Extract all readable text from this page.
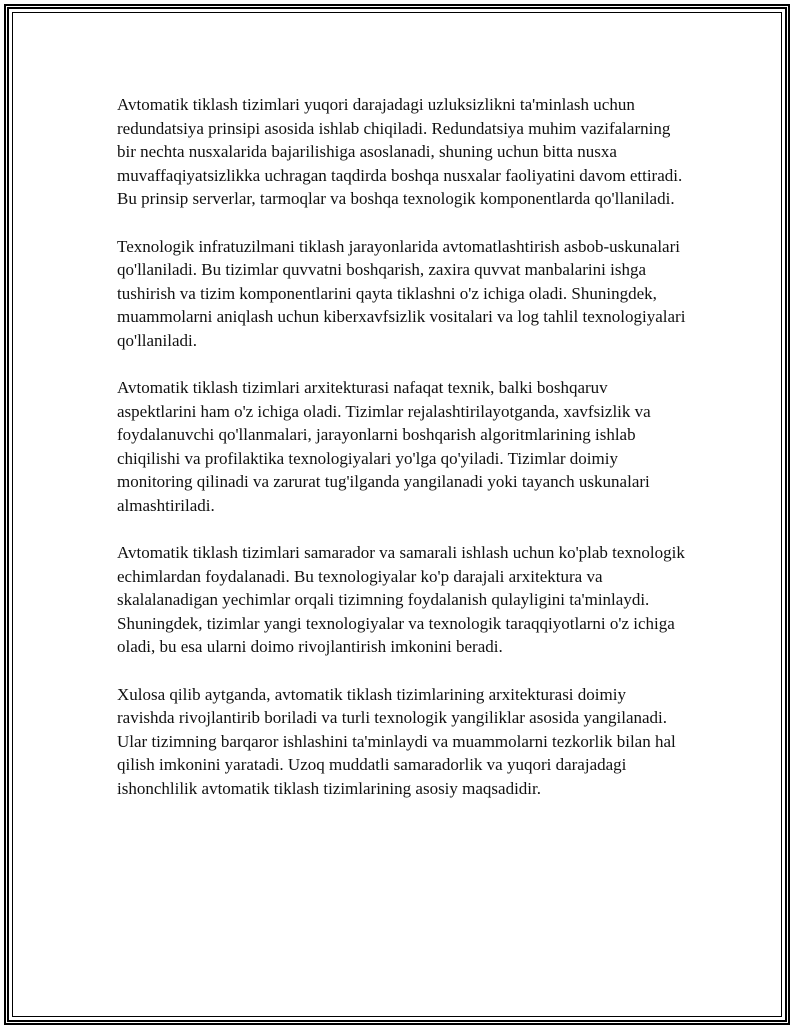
Avtomatik tiklash tizimlari yuqori darajadagi uzluksizlikni ta'minlash uchun redundatsiya prinsipi asosida ishlab chiqiladi. Redundatsiya muhim vazifalarning bir nechta nusxalarida bajarilishiga asoslanadi, shuning uchun bitta nusxa muvaffaqiyatsizlikka uchragan taqdirda boshqa nusxalar faoliyatini davom ettiradi. Bu prinsip serverlar, tarmoqlar va boshqa texnologik komponentlarda qo'llaniladi.

Texnologik infratuzilmani tiklash jarayonlarida avtomatlashtirish asbob-uskunalari qo'llaniladi. Bu tizimlar quvvatni boshqarish, zaxira quvvat manbalarini ishga tushirish va tizim komponentlarini qayta tiklashni o'z ichiga oladi. Shuningdek, muammolarni aniqlash uchun kiberxavfsizlik vositalari va log tahlil texnologiyalari qo'llaniladi.

Avtomatik tiklash tizimlari arxitekturasi nafaqat texnik, balki boshqaruv aspektlarini ham o'z ichiga oladi. Tizimlar rejalashtirilayotganda, xavfsizlik va foydalanuvchi qo'llanmalari, jarayonlarni boshqarish algoritmlarining ishlab chiqilishi va profilaktika texnologiyalari yo'lga qo'yiladi. Tizimlar doimiy monitoring qilinadi va zarurat tug'ilganda yangilanadi yoki tayanch uskunalari almashtiriladi.

Avtomatik tiklash tizimlari samarador va samarali ishlash uchun ko'plab texnologik echimlardan foydalanadi. Bu texnologiyalar ko'p darajali arxitektura va skalalanadigan yechimlar orqali tizimning foydalanish qulayligini ta'minlaydi. Shuningdek, tizimlar yangi texnologiyalar va texnologik taraqqiyotlarni o'z ichiga oladi, bu esa ularni doimo rivojlantirish imkonini beradi.

Xulosa qilib aytganda, avtomatik tiklash tizimlarining arxitekturasi doimiy ravishda rivojlantirib boriladi va turli texnologik yangiliklar asosida yangilanadi. Ular tizimning barqaror ishlashini ta'minlaydi va muammolarni tezkorlik bilan hal qilish imkonini yaratadi. Uzoq muddatli samaradorlik va yuqori darajadagi ishonchlilik avtomatik tiklash tizimlarining asosiy maqsadidir.
